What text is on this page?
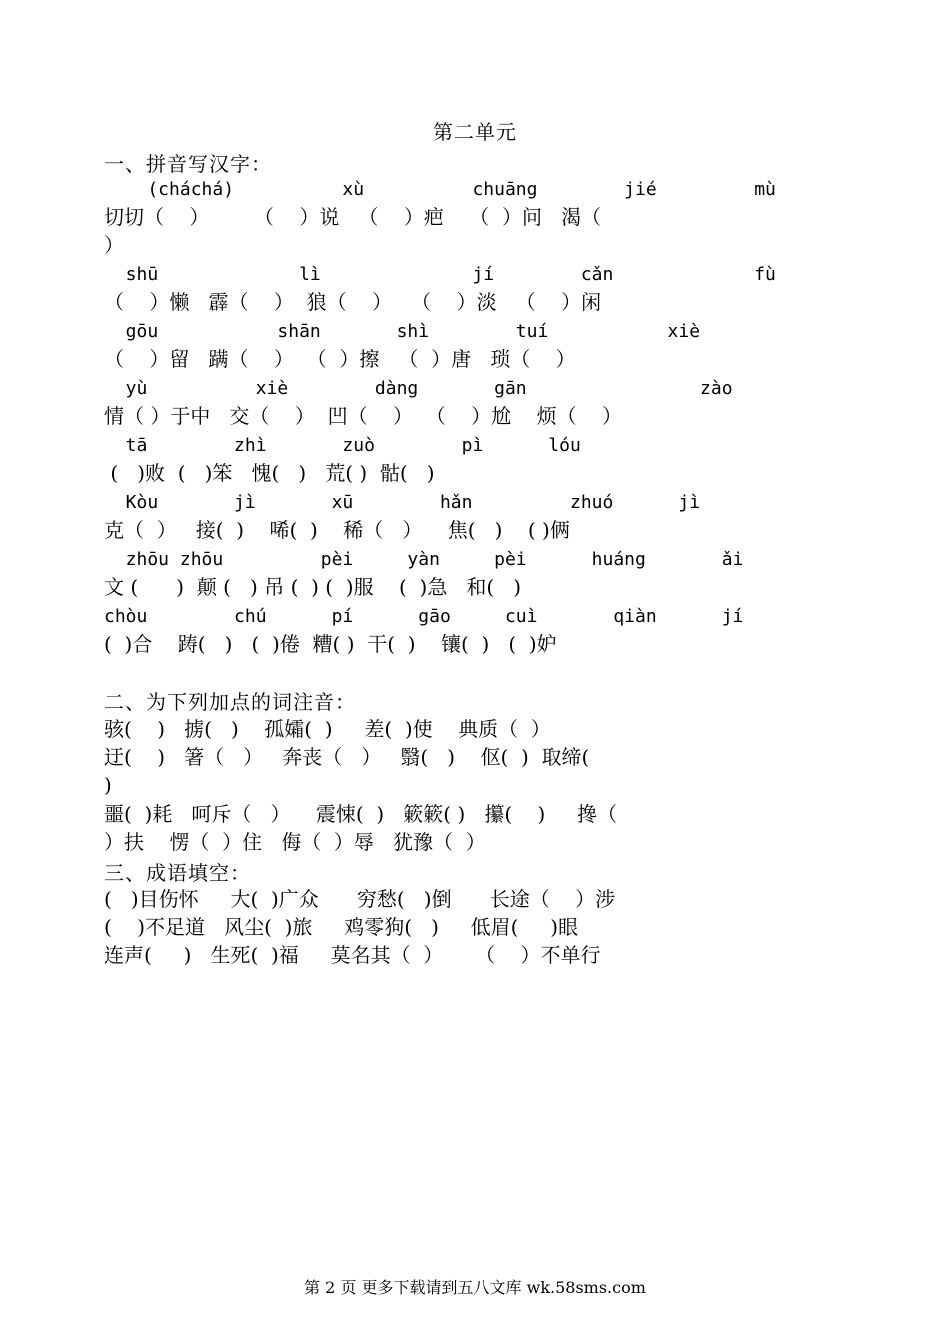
第二单元
一、拼音写汉字：
(cháchá)          xù          chuāng        jié         mù
切切（    ）       （    ）说   （    ）疤    （  ）问   渴（
）
shū             lì              jí        cǎn             fù
（    ）懒   霹（    ）  狼（    ）   （    ）淡   （    ）闲
gōu           shān       shì        tuí           xiè
（    ）留   蹒（    ）  （  ）擦   （  ）唐   琐（    ）
yù          xiè        dàng       gān                zào
情（ ）于中   交（    ）  凹（    ）  （    ）尬    烦（    ）
tā        zhì       zuò        pì      lóu
(   )败  (   )笨   愧(   )   荒( )  骷(   )
Kòu       jì       xū        hǎn         zhuó      jì
克（  ）   接(  )    唏(  )    稀（   ）    焦(   )    ( )俩
zhōu zhōu         pèi     yàn     pèi      huáng       ǎi
文 (      )  颠 (   ) 吊 (  ) (  )服    (  )急   和(   )
chòu        chú      pí      gāo     cuì       qiàn      jí
(  )合    踌(   )   (  )倦  糟( )  干(  )    镶(  )   (  )妒
二、为下列加点的词注音：
骇(    )   掳(   )    孤孀(  )     差(  )使    典质（  ）
迂(    )   箸（   ）   奔丧（   ）   翳(   )    伛(  )  取缔(
)
噩(  )耗   呵斥（   ）    震悚(  )   簌簌( )   攥(    )     搀（
）扶    愣（  ）住   侮（  ）辱   犹豫（  ）
三、成语填空：
(   )目伤怀     大(  )广众      穷愁(   )倒      长途（    ）涉
(    )不足道   风尘(  )旅     鸡零狗(   )     低眉(     )眼
连声(     )   生死(  )福     莫名其（  ）     （    ）不单行
第 2 页 更多下载请到五八文库 wk.58sms.com
